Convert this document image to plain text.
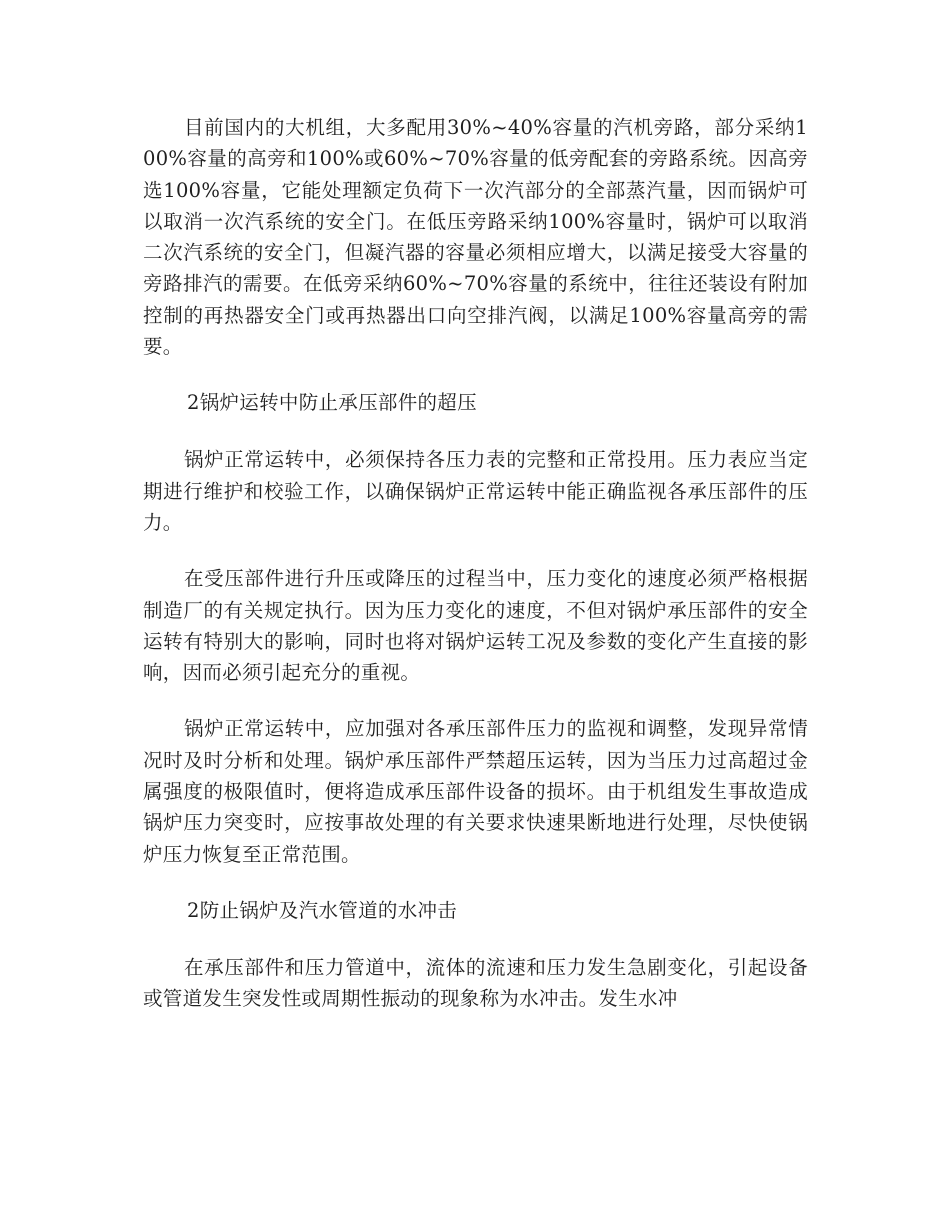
目前国内的大机组，大多配用30%~40%容量的汽机旁路，部分采纳100%容量的高旁和100%或60%~70%容量的低旁配套的旁路系统。因高旁选100%容量，它能处理额定负荷下一次汽部分的全部蒸汽量，因而锅炉可以取消一次汽系统的安全门。在低压旁路采纳100%容量时，锅炉可以取消二次汽系统的安全门，但凝汽器的容量必须相应增大，以满足接受大容量的旁路排汽的需要。在低旁采纳60%~70%容量的系统中，往往还装设有附加控制的再热器安全门或再热器出口向空排汽阀，以满足100%容量高旁的需要。

2锅炉运转中防止承压部件的超压

锅炉正常运转中，必须保持各压力表的完整和正常投用。压力表应当定期进行维护和校验工作，以确保锅炉正常运转中能正确监视各承压部件的压力。

在受压部件进行升压或降压的过程当中，压力变化的速度必须严格根据制造厂的有关规定执行。因为压力变化的速度，不但对锅炉承压部件的安全运转有特别大的影响，同时也将对锅炉运转工况及参数的变化产生直接的影响，因而必须引起充分的重视。

锅炉正常运转中，应加强对各承压部件压力的监视和调整，发现异常情况时及时分析和处理。锅炉承压部件严禁超压运转，因为当压力过高超过金属强度的极限值时，便将造成承压部件设备的损坏。由于机组发生事故造成锅炉压力突变时，应按事故处理的有关要求快速果断地进行处理，尽快使锅炉压力恢复至正常范围。

2防止锅炉及汽水管道的水冲击

在承压部件和压力管道中，流体的流速和压力发生急剧变化，引起设备或管道发生突发性或周期性振动的现象称为水冲击。发生水冲
